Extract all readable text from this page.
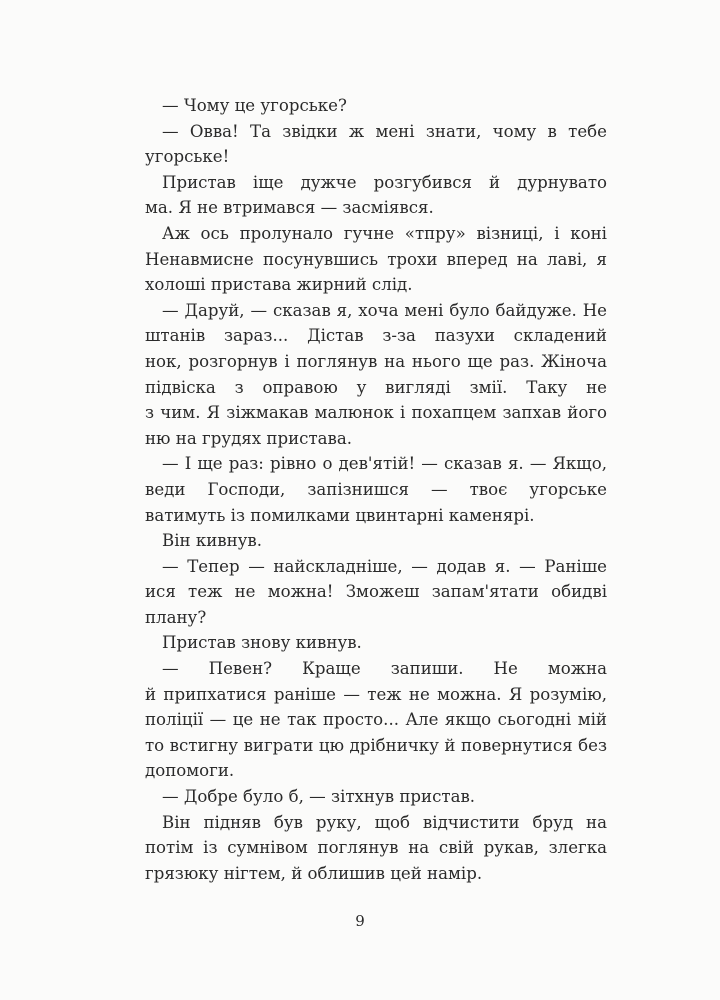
— Чому це угорське?
— Овва! Та звідки ж мені знати, чому в тебе
угорське!
Пристав іще дужче розгубився й дурнувато
ма. Я не втримався — засміявся.
Аж ось пролунало гучне «тпру» візниці, і коні
Ненавмисне посунувшись трохи вперед на лаві, я
холоші пристава жирний слід.
— Даруй, — сказав я, хоча мені було байдуже. Не
штанів зараз... Дістав з-за пазухи складений
нок, розгорнув і поглянув на нього ще раз. Жіноча
підвіска з оправою у вигляді змії. Таку не
з чим. Я зіжмакав малюнок і похапцем запхав його
ню на грудях пристава.
— І ще раз: рівно о дев'ятій! — сказав я. — Якщо,
веди Господи, запізнишся — твоє угорське
ватимуть із помилками цвинтарні каменярі.
Він кивнув.
— Тепер — найскладніше, — додав я. — Раніше
ися теж не можна! Зможеш запам'ятати обидві
плану?
Пристав знову кивнув.
— Певен? Краще запиши. Не можна
й припхатися раніше — теж не можна. Я розумію,
поліції — це не так просто... Але якщо сьогодні мій
то встигну виграти цю дрібничку й повернутися без
допомоги.
— Добре було б, — зітхнув пристав.
Він підняв був руку, щоб відчистити бруд на
потім із сумнівом поглянув на свій рукав, злегка
грязюку нігтем, й облишив цей намір.
9
